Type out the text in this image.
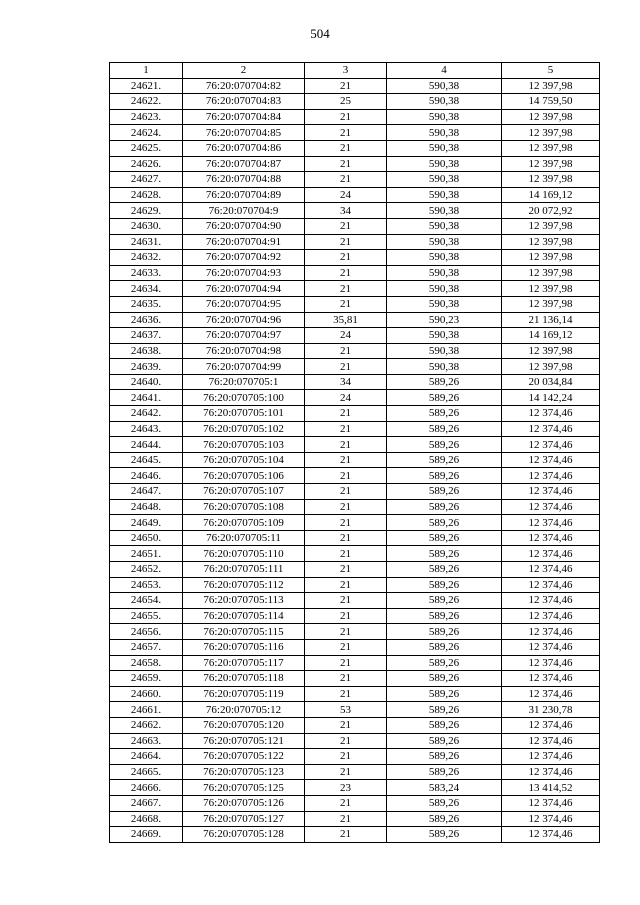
504
1	2	3	4	5
24621.	76:20:070704:82	21	590,38	12 397,98
24622.	76:20:070704:83	25	590,38	14 759,50
24623.	76:20:070704:84	21	590,38	12 397,98
24624.	76:20:070704:85	21	590,38	12 397,98
24625.	76:20:070704:86	21	590,38	12 397,98
24626.	76:20:070704:87	21	590,38	12 397,98
24627.	76:20:070704:88	21	590,38	12 397,98
24628.	76:20:070704:89	24	590,38	14 169,12
24629.	76:20:070704:9	34	590,38	20 072,92
24630.	76:20:070704:90	21	590,38	12 397,98
24631.	76:20:070704:91	21	590,38	12 397,98
24632.	76:20:070704:92	21	590,38	12 397,98
24633.	76:20:070704:93	21	590,38	12 397,98
24634.	76:20:070704:94	21	590,38	12 397,98
24635.	76:20:070704:95	21	590,38	12 397,98
24636.	76:20:070704:96	35,81	590,23	21 136,14
24637.	76:20:070704:97	24	590,38	14 169,12
24638.	76:20:070704:98	21	590,38	12 397,98
24639.	76:20:070704:99	21	590,38	12 397,98
24640.	76:20:070705:1	34	589,26	20 034,84
24641.	76:20:070705:100	24	589,26	14 142,24
24642.	76:20:070705:101	21	589,26	12 374,46
24643.	76:20:070705:102	21	589,26	12 374,46
24644.	76:20:070705:103	21	589,26	12 374,46
24645.	76:20:070705:104	21	589,26	12 374,46
24646.	76:20:070705:106	21	589,26	12 374,46
24647.	76:20:070705:107	21	589,26	12 374,46
24648.	76:20:070705:108	21	589,26	12 374,46
24649.	76:20:070705:109	21	589,26	12 374,46
24650.	76:20:070705:11	21	589,26	12 374,46
24651.	76:20:070705:110	21	589,26	12 374,46
24652.	76:20:070705:111	21	589,26	12 374,46
24653.	76:20:070705:112	21	589,26	12 374,46
24654.	76:20:070705:113	21	589,26	12 374,46
24655.	76:20:070705:114	21	589,26	12 374,46
24656.	76:20:070705:115	21	589,26	12 374,46
24657.	76:20:070705:116	21	589,26	12 374,46
24658.	76:20:070705:117	21	589,26	12 374,46
24659.	76:20:070705:118	21	589,26	12 374,46
24660.	76:20:070705:119	21	589,26	12 374,46
24661.	76:20:070705:12	53	589,26	31 230,78
24662.	76:20:070705:120	21	589,26	12 374,46
24663.	76:20:070705:121	21	589,26	12 374,46
24664.	76:20:070705:122	21	589,26	12 374,46
24665.	76:20:070705:123	21	589,26	12 374,46
24666.	76:20:070705:125	23	583,24	13 414,52
24667.	76:20:070705:126	21	589,26	12 374,46
24668.	76:20:070705:127	21	589,26	12 374,46
24669.	76:20:070705:128	21	589,26	12 374,46
